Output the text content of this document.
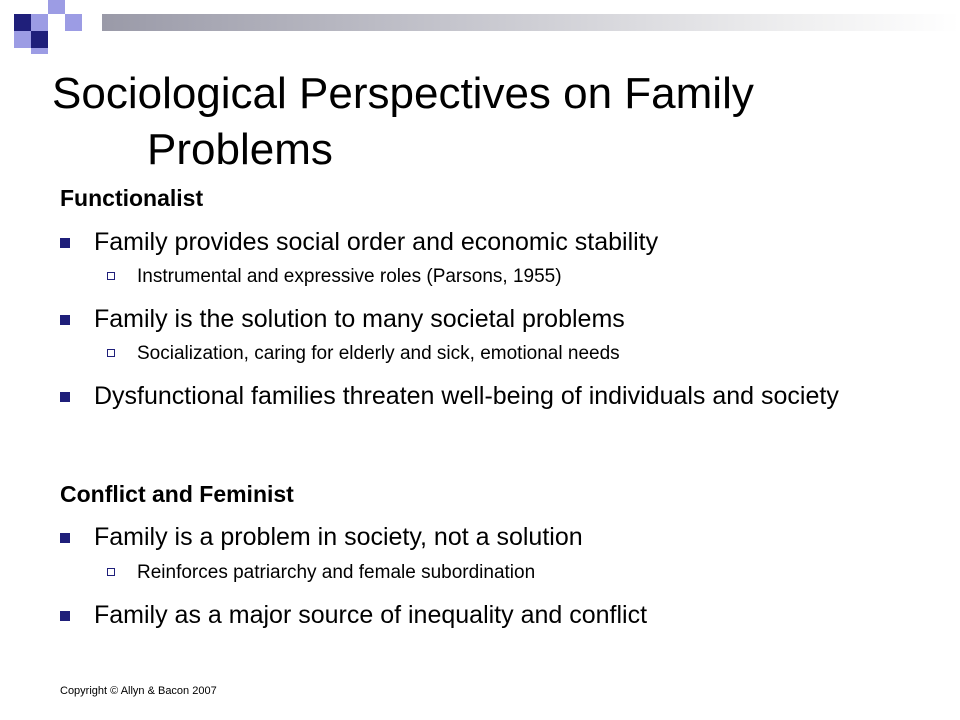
Sociological Perspectives on Family
Problems
Functionalist
Family provides social order and economic stability
Instrumental and expressive roles (Parsons, 1955)
Family is the solution to many societal problems
Socialization, caring for elderly and sick, emotional needs
Dysfunctional families threaten well-being of individuals and society
Conflict and Feminist
Family is a problem in society, not a solution
Reinforces patriarchy and female subordination
Family as a major source of inequality and conflict
Copyright © Allyn & Bacon 2007
